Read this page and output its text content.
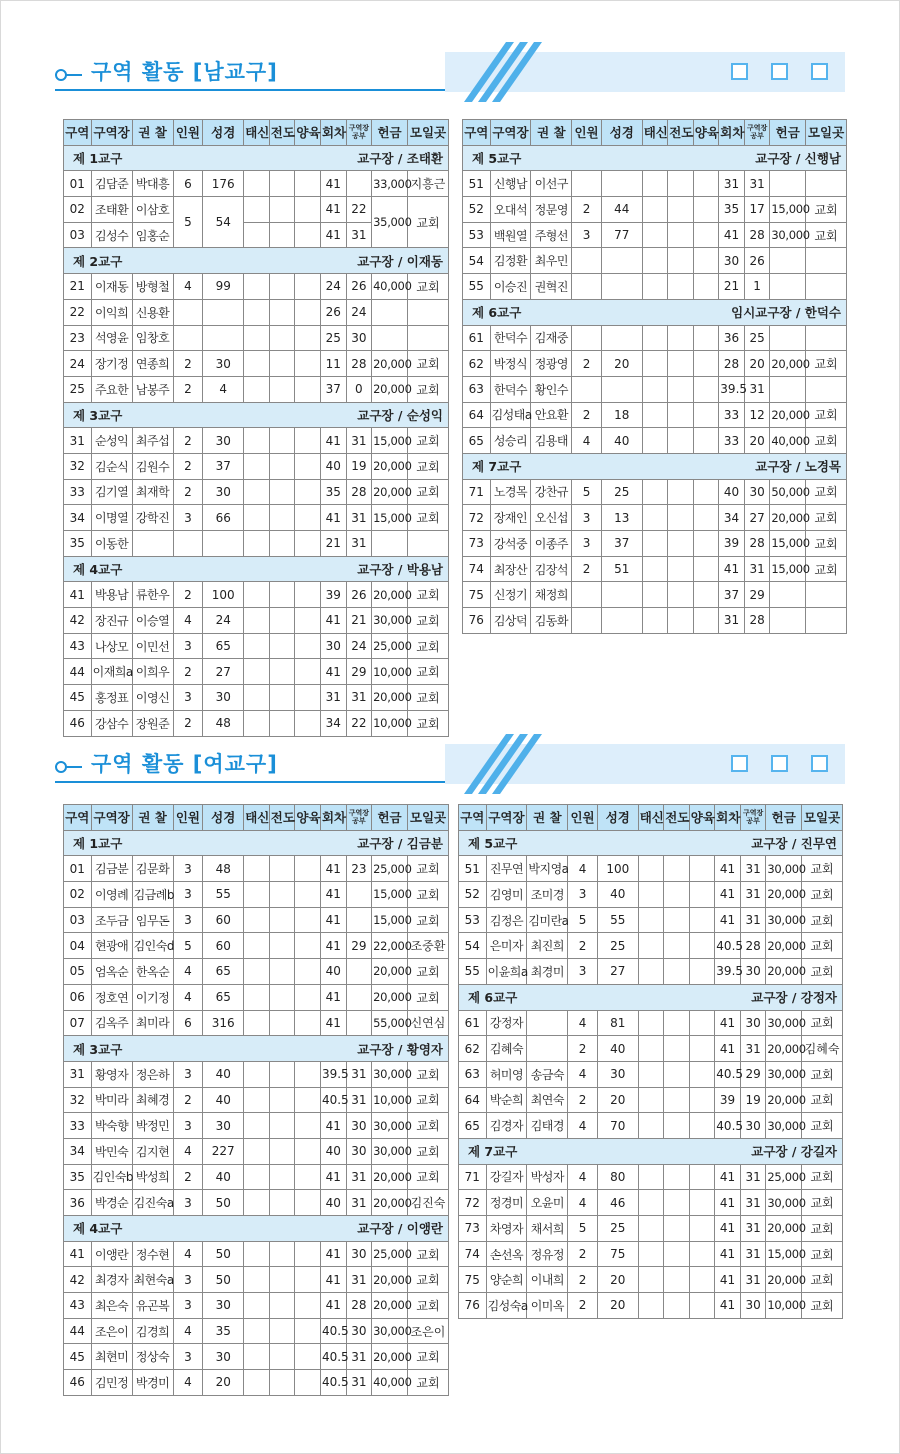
구역 활동 [남교구]
구역	구역장	권 찰	인원	성경	태신	전도	양육	회차	구역장 공부	헌금	모일곳

제 1교구 교구장 / 조태환											

01	김담준	박대흥	6	176				41		33,000	지흥근
02	조태환	이삼호	5	54				41	22	35,000	교회
03	김성수	임홍순						41	31		

제 2교구 교구장 / 이재동											

21	이재동	방형철	4	99				24	26	40,000	교회
22	이익희	신용환						26	24		
23	석영윤	임창호						25	30		
24	장기정	연종희	2	30				11	28	20,000	교회
25	주요한	남봉주	2	4				37	0	20,000	교회

제 3교구 교구장 / 순성익											

31	순성익	최주섭	2	30				41	31	15,000	교회
32	김순식	김원수	2	37				40	19	20,000	교회
33	김기열	최재학	2	30				35	28	20,000	교회
34	이명열	강학진	3	66				41	31	15,000	교회
35	이동한							21	31		

제 4교구 교구장 / 박용남											

41	박용남	류한우	2	100				39	26	20,000	교회
42	장진규	이승열	4	24				41	21	30,000	교회
43	나상모	이민선	3	65				30	24	25,000	교회
44	이재희a	이희우	2	27				41	29	10,000	교회
45	홍정표	이영신	3	30				31	31	20,000	교회
46	강삼수	장원준	2	48				34	22	10,000	교회
구역	구역장	권 찰	인원	성경	태신	전도	양육	회차	구역장 공부	헌금	모일곳

제 5교구 교구장 / 신행남											

51	신행남	이선구						31	31		
52	오대석	정문영	2	44				35	17	15,000	교회
53	백원열	주형선	3	77				41	28	30,000	교회
54	김정환	최우민						30	26		
55	이승진	권혁진						21	1		

제 6교구 임시교구장 / 한덕수											

61	한덕수	김재중						36	25		
62	박정식	정광영	2	20				28	20	20,000	교회
63	한덕수	황인수						39.5	31		
64	김성태a	안요환	2	18				33	12	20,000	교회
65	성승리	김용태	4	40				33	20	40,000	교회

제 7교구 교구장 / 노경목											

71	노경목	강찬규	5	25				40	30	50,000	교회
72	장재인	오신섭	3	13				34	27	20,000	교회
73	강석중	이종주	3	37				39	28	15,000	교회
74	최장산	김장석	2	51				41	31	15,000	교회
75	신정기	채정희						37	29		
76	김상덕	김동화						31	28		
구역 활동 [여교구]
구역	구역장	권 찰	인원	성경	태신	전도	양육	회차	구역장 공부	헌금	모일곳

제 1교구 교구장 / 김금분											

01	김금분	김문화	3	48				41	23	25,000	교회
02	이영례	김금례b	3	55				41		15,000	교회
03	조두금	임무돈	3	60				41		15,000	교회
04	현광애	김인숙d	5	60				41	29	22,000	조중환
05	엄옥순	한옥순	4	65				40		20,000	교회
06	정호연	이기정	4	65				41		20,000	교회
07	김옥주	최미라	6	316				41		55,000	신연심

제 3교구 교구장 / 황영자											

31	황영자	정은하	3	40				39.5	31	30,000	교회
32	박미라	최혜경	2	40				40.5	31	10,000	교회
33	박숙향	박정민	3	30				41	30	30,000	교회
34	박민숙	김지현	4	227				40	30	30,000	교회
35	김인숙b	박성희	2	40				41	31	20,000	교회
36	박경순	김진숙a	3	50				40	31	20,000	김진숙

제 4교구 교구장 / 이앵란											

41	이앵란	정수현	4	50				41	30	25,000	교회
42	최경자	최현숙a	3	50				41	31	20,000	교회
43	최은숙	유곤복	3	30				41	28	20,000	교회
44	조은이	김경희	4	35				40.5	30	30,000	조은이
45	최현미	정상숙	3	30				40.5	31	20,000	교회
46	김민정	박경미	4	20				40.5	31	40,000	교회
구역	구역장	권 찰	인원	성경	태신	전도	양육	회차	구역장 공부	헌금	모일곳

제 5교구 교구장 / 진무연											

51	진무연	박지영a	4	100				41	31	30,000	교회
52	김영미	조미경	3	40				41	31	20,000	교회
53	김정은	김미란a	5	55				41	31	30,000	교회
54	은미자	최진희	2	25				40.5	28	20,000	교회
55	이윤희a	최경미	3	27				39.5	30	20,000	교회

제 6교구 교구장 / 강정자											

61	강정자		4	81				41	30	30,000	교회
62	김혜숙		2	40				41	31	20,000	김혜숙
63	허미영	송금숙	4	30				40.5	29	30,000	교회
64	박순희	최연숙	2	20				39	19	20,000	교회
65	김경자	김태경	4	70				40.5	30	30,000	교회

제 7교구 교구장 / 강길자											

71	강길자	박성자	4	80				41	31	25,000	교회
72	정경미	오윤미	4	46				41	31	30,000	교회
73	차영자	채서희	5	25				41	31	20,000	교회
74	손선옥	정유정	2	75				41	31	15,000	교회
75	양순희	이내희	2	20				41	31	20,000	교회
76	김성숙a	이미옥	2	20				41	30	10,000	교회
